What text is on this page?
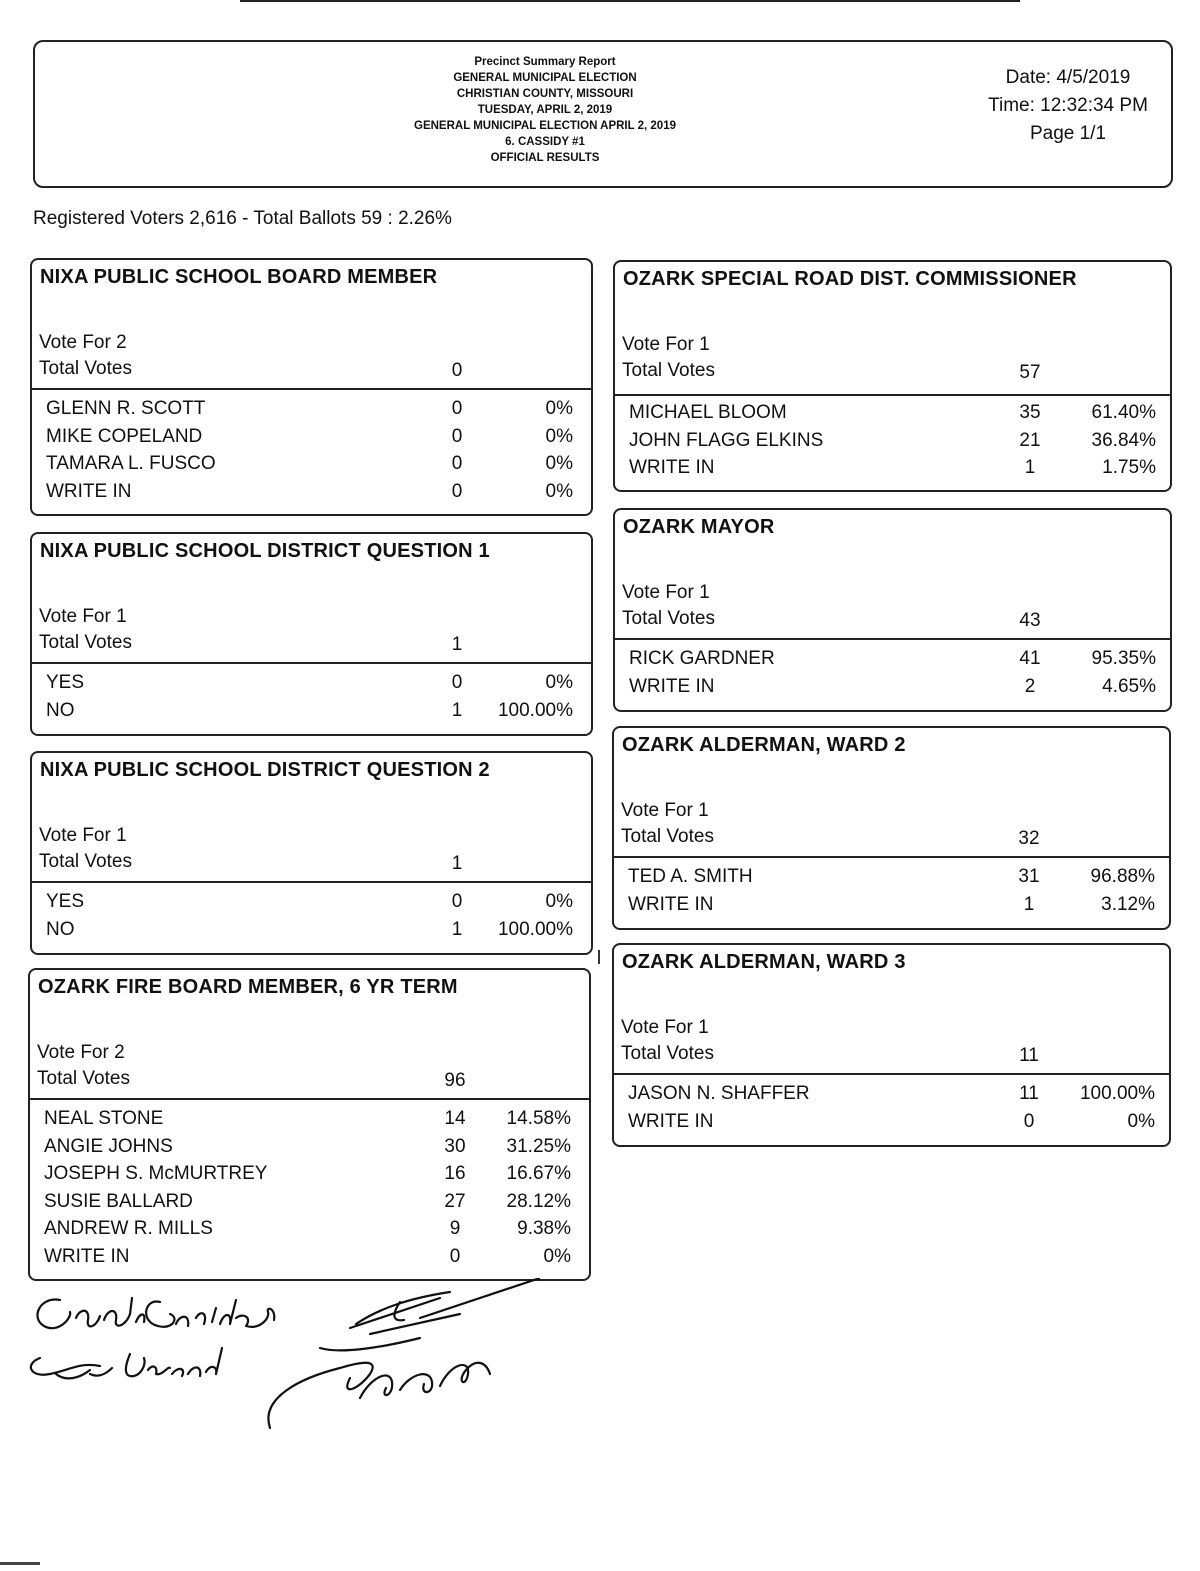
Precinct Summary Report
GENERAL MUNICIPAL ELECTION
CHRISTIAN COUNTY, MISSOURI
TUESDAY, APRIL 2, 2019
GENERAL MUNICIPAL ELECTION APRIL 2, 2019
6. CASSIDY #1
OFFICIAL RESULTS
Date: 4/5/2019
Time: 12:32:34 PM
Page 1/1
Registered Voters 2,616 - Total Ballots 59 : 2.26%
NIXA PUBLIC SCHOOL BOARD MEMBER
Vote For 2
Total Votes	0
GLENN R. SCOTT	0	0%
MIKE COPELAND	0	0%
TAMARA L. FUSCO	0	0%
WRITE IN	0	0%
NIXA PUBLIC SCHOOL DISTRICT QUESTION 1
Vote For 1
Total Votes	1
YES	0	0%
NO	1	100.00%
NIXA PUBLIC SCHOOL DISTRICT QUESTION 2
Vote For 1
Total Votes	1
YES	0	0%
NO	1	100.00%
OZARK FIRE BOARD MEMBER, 6 YR TERM
Vote For 2
Total Votes	96
NEAL STONE	14	14.58%
ANGIE JOHNS	30	31.25%
JOSEPH S. McMURTREY	16	16.67%
SUSIE BALLARD	27	28.12%
ANDREW R. MILLS	9	9.38%
WRITE IN	0	0%
OZARK SPECIAL ROAD DIST. COMMISSIONER
Vote For 1
Total Votes	57
MICHAEL BLOOM	35	61.40%
JOHN FLAGG ELKINS	21	36.84%
WRITE IN	1	1.75%
OZARK MAYOR
Vote For 1
Total Votes	43
RICK GARDNER	41	95.35%
WRITE IN	2	4.65%
OZARK ALDERMAN, WARD 2
Vote For 1
Total Votes	32
TED A. SMITH	31	96.88%
WRITE IN	1	3.12%
OZARK ALDERMAN, WARD 3
Vote For 1
Total Votes	11
JASON N. SHAFFER	11	100.00%
WRITE IN	0	0%
